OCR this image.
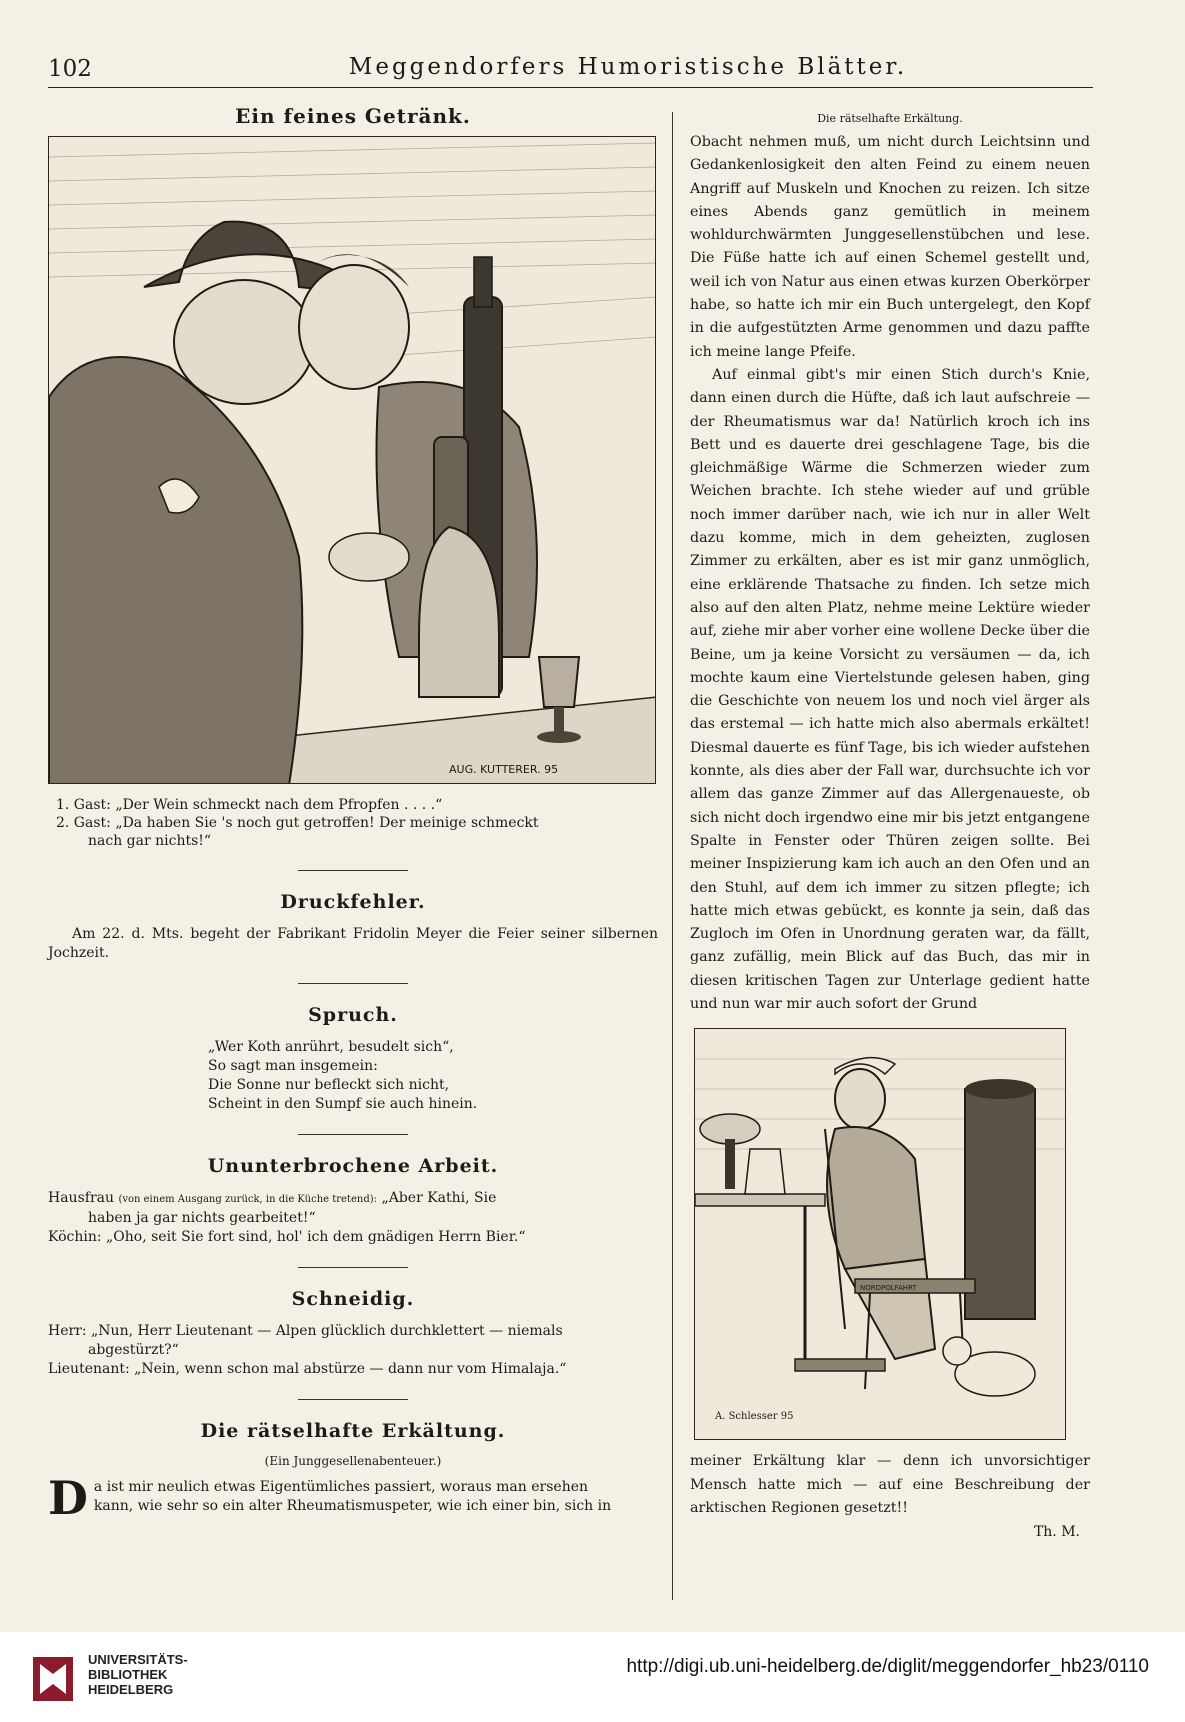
102	Meggendorfers Humoristische Blätter.
Ein feines Getränk.
AUG. KUTTERER. 95
1. Gast: „Der Wein schmeckt nach dem Pfropfen . . . .“
2. Gast: „Da haben Sie 's noch gut getroffen! Der meinige schmeckt
nach gar nichts!“
Druckfehler.
Am 22. d. Mts. begeht der Fabrikant Fridolin Meyer die Feier seiner silbernen Jochzeit.
Spruch.
„Wer Koth anrührt, besudelt sich“,
So sagt man insgemein:
Die Sonne nur befleckt sich nicht,
Scheint in den Sumpf sie auch hinein.
Ununterbrochene Arbeit.
Hausfrau (von einem Ausgang zurück, in die Küche tretend): „Aber Kathi, Sie
haben ja gar nichts gearbeitet!“
Köchin: „Oho, seit Sie fort sind, hol' ich dem gnädigen Herrn Bier.“
Schneidig.
Herr: „Nun, Herr Lieutenant — Alpen glücklich durchklettert — niemals
abgestürzt?“
Lieutenant: „Nein, wenn schon mal abstürze — dann nur vom Himalaja.“
Die rätselhafte Erkältung.
(Ein Junggesellenabenteuer.)
D a ist mir neulich etwas Eigentümliches passiert, woraus man ersehen
kann, wie sehr so ein alter Rheumatismuspeter, wie ich einer bin, sich in
Die rätselhafte Erkältung.
Obacht nehmen muß, um nicht durch Leichtsinn und Gedankenlosigkeit den alten Feind zu einem neuen Angriff auf Muskeln und Knochen zu reizen. Ich sitze eines Abends ganz gemütlich in meinem wohldurchwärmten Junggesellenstübchen und lese. Die Füße hatte ich auf einen Schemel gestellt und, weil ich von Natur aus einen etwas kurzen Oberkörper habe, so hatte ich mir ein Buch untergelegt, den Kopf in die aufgestützten Arme genommen und dazu paffte ich meine lange Pfeife.
Auf einmal gibt's mir einen Stich durch's Knie, dann einen durch die Hüfte, daß ich laut aufschreie — der Rheumatismus war da! Natürlich kroch ich ins Bett und es dauerte drei geschlagene Tage, bis die gleichmäßige Wärme die Schmerzen wieder zum Weichen brachte. Ich stehe wieder auf und grüble noch immer darüber nach, wie ich nur in aller Welt dazu komme, mich in dem geheizten, zuglosen Zimmer zu erkälten, aber es ist mir ganz unmöglich, eine erklärende Thatsache zu finden. Ich setze mich also auf den alten Platz, nehme meine Lektüre wieder auf, ziehe mir aber vorher eine wollene Decke über die Beine, um ja keine Vorsicht zu versäumen — da, ich mochte kaum eine Viertelstunde gelesen haben, ging die Geschichte von neuem los und noch viel ärger als das erstemal — ich hatte mich also abermals erkältet! Diesmal dauerte es fünf Tage, bis ich wieder aufstehen konnte, als dies aber der Fall war, durchsuchte ich vor allem das ganze Zimmer auf das Allergenaueste, ob sich nicht doch irgendwo eine mir bis jetzt entgangene Spalte in Fenster oder Thüren zeigen sollte. Bei meiner Inspizierung kam ich auch an den Ofen und an den Stuhl, auf dem ich immer zu sitzen pflegte; ich hatte mich etwas gebückt, es konnte ja sein, daß das Zugloch im Ofen in Unordnung geraten war, da fällt, ganz zufällig, mein Blick auf das Buch, das mir in diesen kritischen Tagen zur Unterlage gedient hatte und nun war mir auch sofort der Grund
NORDPOLFAHRT
A. Schlesser 95
meiner Erkältung klar — denn ich unvorsichtiger Mensch hatte mich — auf eine Beschreibung der arktischen Regionen gesetzt!!
Th. M.
UNIVERSITÄTS-
BIBLIOTHEK
HEIDELBERG
http://digi.ub.uni-heidelberg.de/diglit/meggendorfer_hb23/0110
